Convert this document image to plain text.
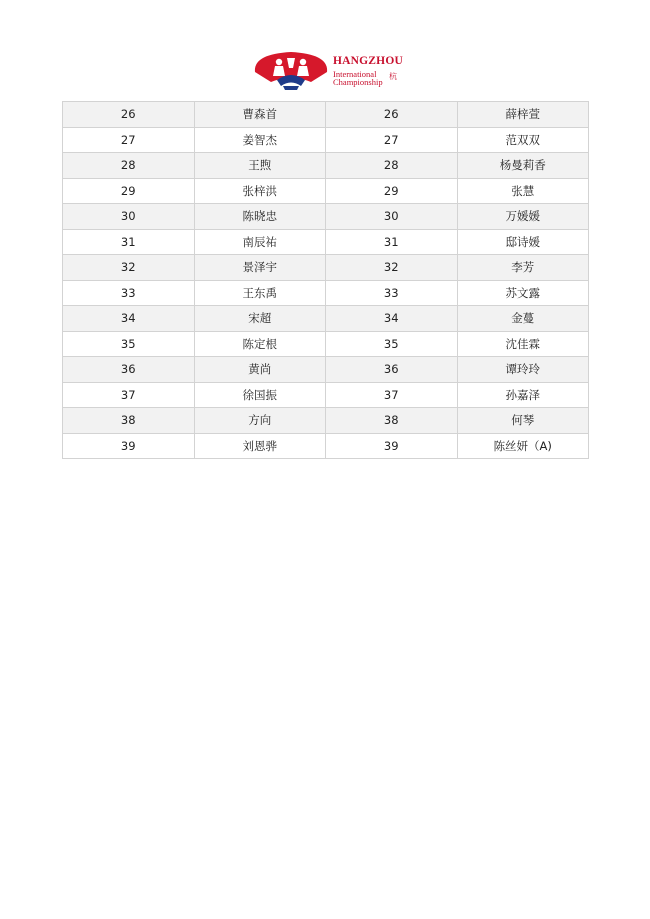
HANGZHOU
International
Championship
杭
26	曹森首	26	薛梓萱
27	姜智杰	27	范双双
28	王煦	28	杨曼莉香
29	张梓洪	29	张慧
30	陈晓忠	30	万媛媛
31	南辰祐	31	邸诗媛
32	景泽宇	32	李芳
33	王东禹	33	苏文露
34	宋超	34	金蔓
35	陈定根	35	沈佳霖
36	黄尚	36	谭玲玲
37	徐国振	37	孙嘉泽
38	方向	38	何琴
39	刘恩骅	39	陈丝妍（A)
